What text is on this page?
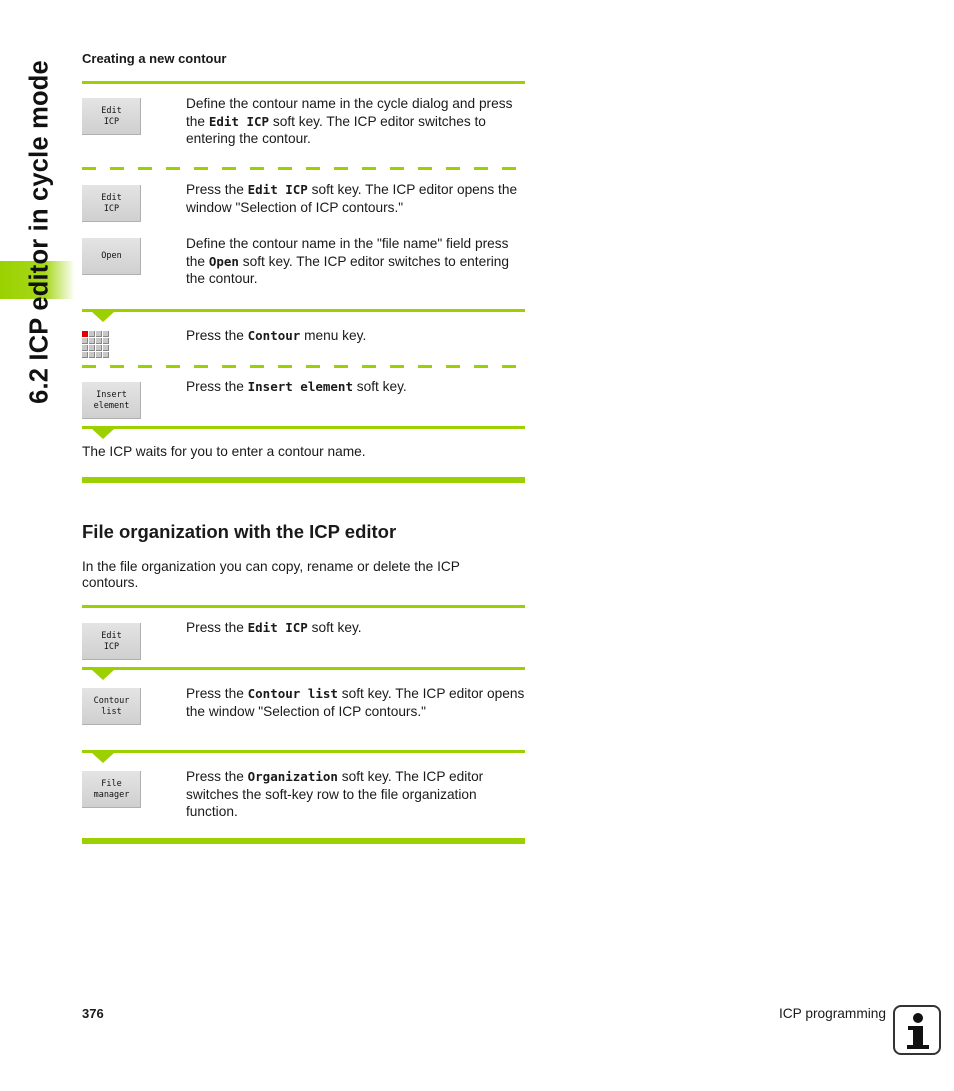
6.2 ICP editor in cycle mode
Creating a new contour
Edit
ICP
Edit
ICP
Open
Insert
element
Define the contour name in the cycle dialog and press the Edit ICP soft key. The ICP editor switches to entering the contour.
Press the Edit ICP soft key. The ICP editor opens the window "Selection of ICP contours."
Define the contour name in the "file name" field press the Open soft key. The ICP editor switches to entering the contour.
Press the Contour menu key.
Press the Insert element soft key.
The ICP waits for you to enter a contour name.
File organization with the ICP editor
In the file organization you can copy, rename or delete the ICP contours.
Edit
ICP
Contour
list
File
manager
Press the Edit ICP soft key.
Press the Contour list soft key. The ICP editor opens the window "Selection of ICP contours."
Press the Organization soft key. The ICP editor switches the soft-key row to the file organization function.
376	ICP programming
